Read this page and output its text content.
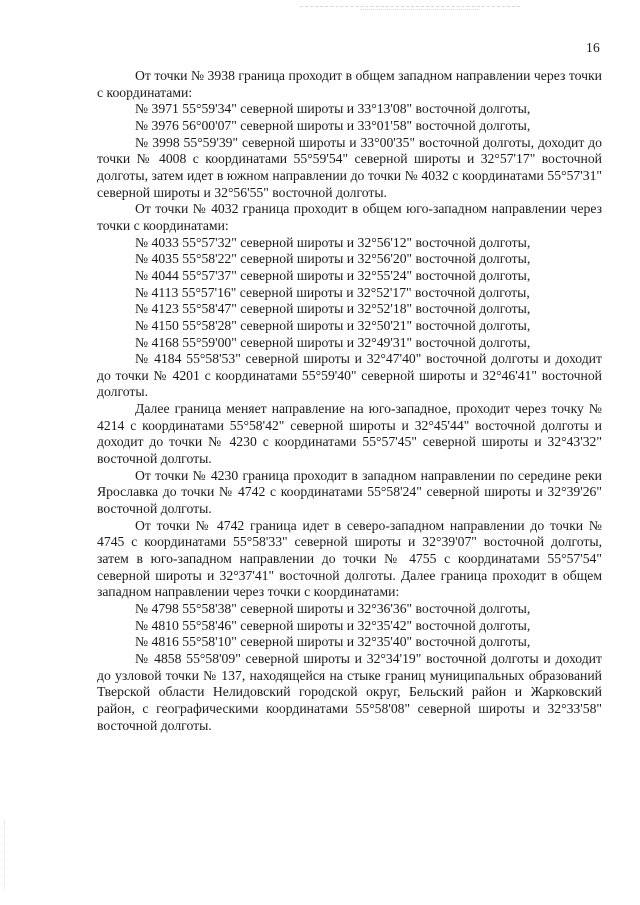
16

От точки № 3938 граница проходит в общем западном направлении через точки с координатами:

№ 3971 55°59'34" северной широты и 33°13'08" восточной долготы,

№ 3976 56°00'07" северной широты и 33°01'58" восточной долготы,

№ 3998 55°59'39" северной широты и 33°00'35" восточной долготы, доходит до точки № 4008 с координатами 55°59'54" северной широты и 32°57'17" восточной долготы, затем идет в южном направлении до точки № 4032 с координатами 55°57'31" северной широты и 32°56'55" восточной долготы.

От точки № 4032 граница проходит в общем юго-западном направлении через точки с координатами:

№ 4033 55°57'32" северной широты и 32°56'12" восточной долготы,

№ 4035 55°58'22" северной широты и 32°56'20" восточной долготы,

№ 4044 55°57'37" северной широты и 32°55'24" восточной долготы,

№ 4113 55°57'16" северной широты и 32°52'17" восточной долготы,

№ 4123 55°58'47" северной широты и 32°52'18" восточной долготы,

№ 4150 55°58'28" северной широты и 32°50'21" восточной долготы,

№ 4168 55°59'00" северной широты и 32°49'31" восточной долготы,

№ 4184 55°58'53" северной широты и 32°47'40" восточной долготы и доходит до точки № 4201 с координатами 55°59'40" северной широты и 32°46'41" восточной долготы.

Далее граница меняет направление на юго-западное, проходит через точку № 4214 с координатами 55°58'42" северной широты и 32°45'44" восточной долготы и доходит до точки № 4230 с координатами 55°57'45" северной широты и 32°43'32" восточной долготы.

От точки № 4230 граница проходит в западном направлении по середине реки Ярославка до точки № 4742 с координатами 55°58'24" северной широты и 32°39'26" восточной долготы.

От точки № 4742 граница идет в северо-западном направлении до точки № 4745 с координатами 55°58'33" северной широты и 32°39'07" восточной долготы, затем в юго-западном направлении до точки № 4755 с координатами 55°57'54" северной широты и 32°37'41" восточной долготы. Далее граница проходит в общем западном направлении через точки с координатами:

№ 4798 55°58'38" северной широты и 32°36'36" восточной долготы,

№ 4810 55°58'46" северной широты и 32°35'42" восточной долготы,

№ 4816 55°58'10" северной широты и 32°35'40" восточной долготы,

№ 4858 55°58'09" северной широты и 32°34'19" восточной долготы и доходит до узловой точки № 137, находящейся на стыке границ муниципальных образований Тверской области Нелидовский городской округ, Бельский район и Жарковский район, с географическими координатами 55°58'08" северной широты и 32°33'58" восточной долготы.
